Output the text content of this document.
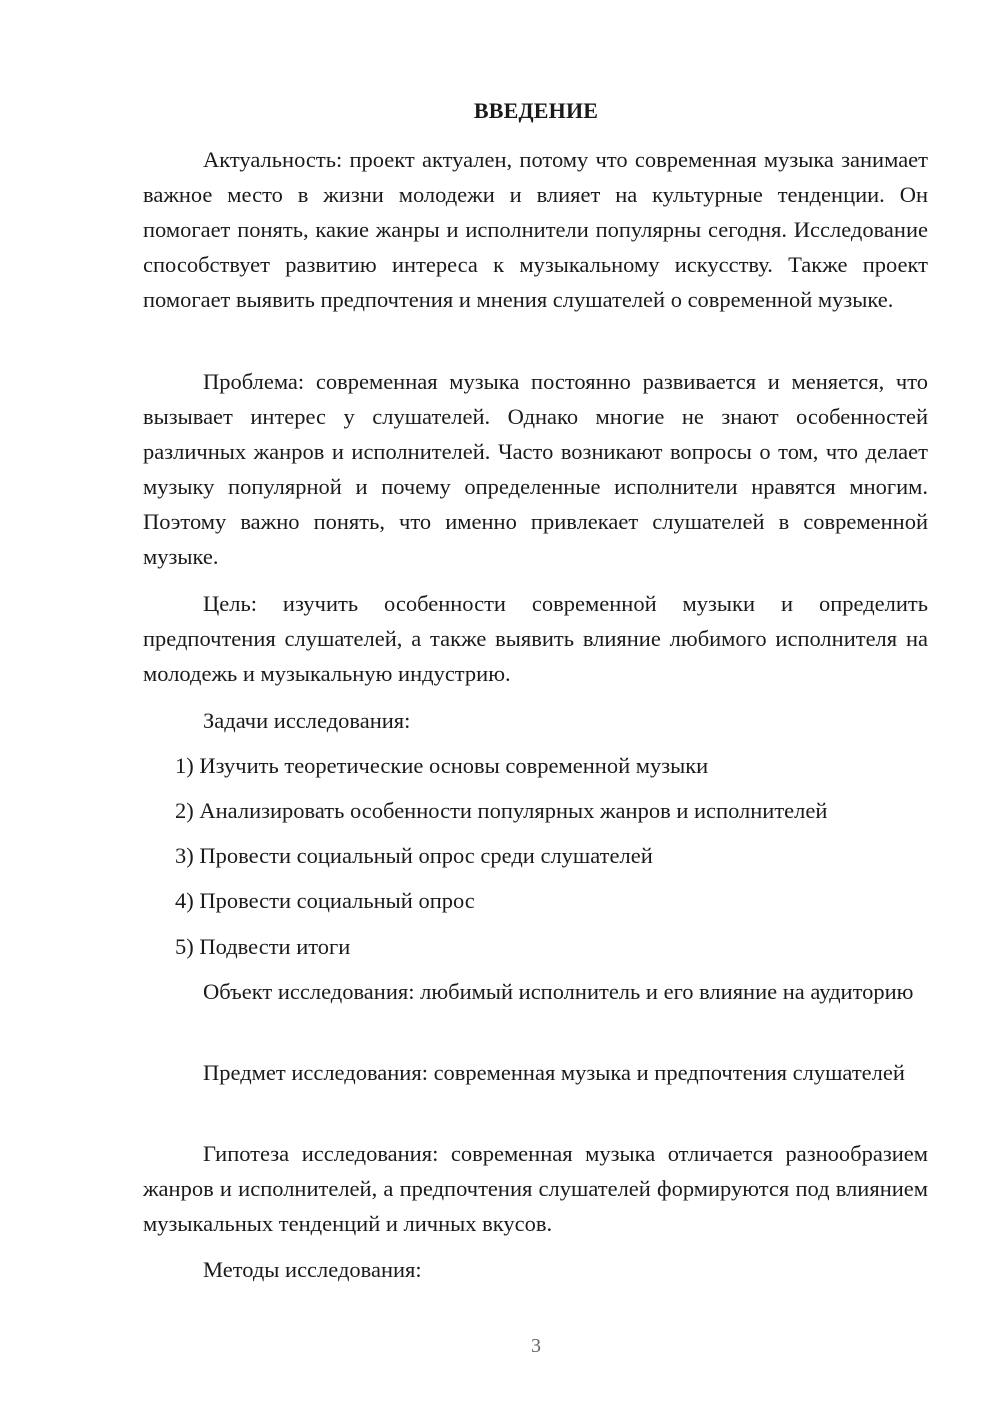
ВВЕДЕНИЕ
Актуальность: проект актуален, потому что современная музыка занимает важное место в жизни молодежи и влияет на культурные тенденции. Он помогает понять, какие жанры и исполнители популярны сегодня. Исследование способствует развитию интереса к музыкальному искусству. Также проект помогает выявить предпочтения и мнения слушателей о современной музыке.
Проблема: современная музыка постоянно развивается и меняется, что вызывает интерес у слушателей. Однако многие не знают особенностей различных жанров и исполнителей. Часто возникают вопросы о том, что делает музыку популярной и почему определенные исполнители нравятся многим. Поэтому важно понять, что именно привлекает слушателей в современной музыке.
Цель: изучить особенности современной музыки и определить предпочтения слушателей, а также выявить влияние любимого исполнителя на молодежь и музыкальную индустрию.
Задачи исследования:
1) Изучить теоретические основы современной музыки
2) Анализировать особенности популярных жанров и исполнителей
3) Провести социальный опрос среди слушателей
4) Провести социальный опрос
5) Подвести итоги
Объект исследования: любимый исполнитель и его влияние на аудиторию
Предмет исследования: современная музыка и предпочтения слушателей
Гипотеза исследования: современная музыка отличается разнообразием жанров и исполнителей, а предпочтения слушателей формируются под влиянием музыкальных тенденций и личных вкусов.
Методы исследования:
3
